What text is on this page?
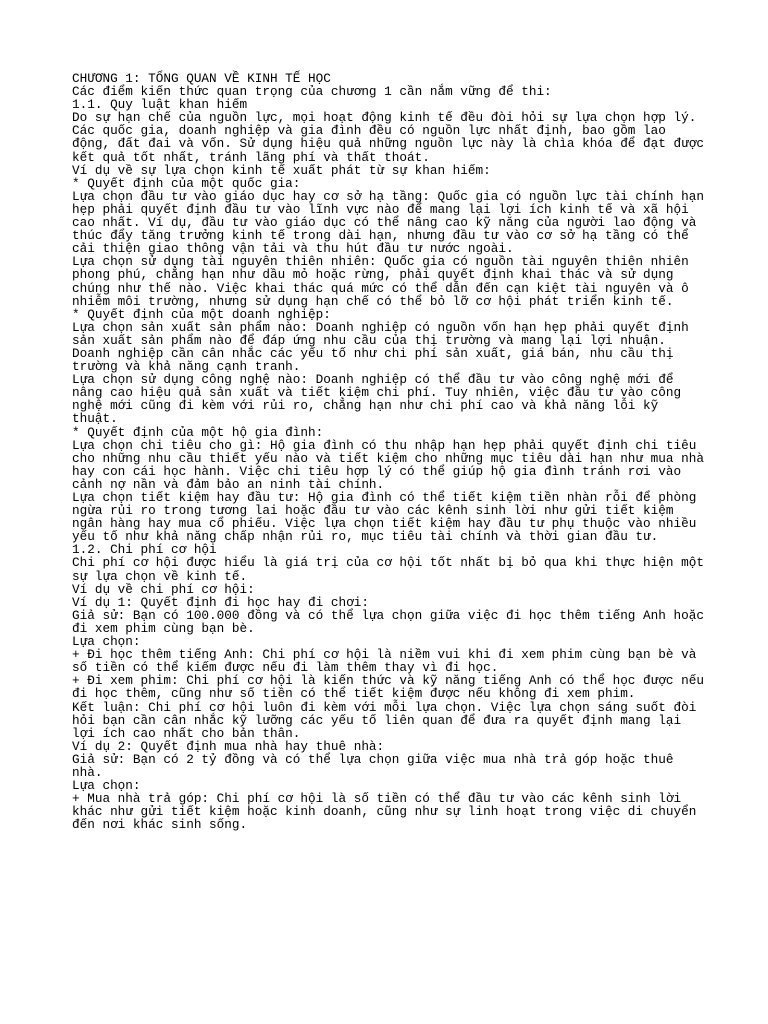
CHƯƠNG 1: TỔNG QUAN VỀ KINH TẾ HỌC
Các điểm kiến thức quan trọng của chương 1 cần nắm vững để thi:
1.1. Quy luật khan hiếm
Do sự hạn chế của nguồn lực, mọi hoạt động kinh tế đều đòi hỏi sự lựa chọn hợp lý.
Các quốc gia, doanh nghiệp và gia đình đều có nguồn lực nhất định, bao gồm lao
động, đất đai và vốn. Sử dụng hiệu quả những nguồn lực này là chìa khóa để đạt được
kết quả tốt nhất, tránh lãng phí và thất thoát.
Ví dụ về sự lựa chọn kinh tế xuất phát từ sự khan hiếm:
* Quyết định của một quốc gia:
Lựa chọn đầu tư vào giáo dục hay cơ sở hạ tầng: Quốc gia có nguồn lực tài chính hạn
hẹp phải quyết định đầu tư vào lĩnh vực nào để mang lại lợi ích kinh tế và xã hội
cao nhất. Ví dụ, đầu tư vào giáo dục có thể nâng cao kỹ năng của người lao động và
thúc đẩy tăng trưởng kinh tế trong dài hạn, nhưng đầu tư vào cơ sở hạ tầng có thể
cải thiện giao thông vận tải và thu hút đầu tư nước ngoài.
Lựa chọn sử dụng tài nguyên thiên nhiên: Quốc gia có nguồn tài nguyên thiên nhiên
phong phú, chẳng hạn như dầu mỏ hoặc rừng, phải quyết định khai thác và sử dụng
chúng như thế nào. Việc khai thác quá mức có thể dẫn đến cạn kiệt tài nguyên và ô
nhiễm môi trường, nhưng sử dụng hạn chế có thể bỏ lỡ cơ hội phát triển kinh tế.
* Quyết định của một doanh nghiệp:
Lựa chọn sản xuất sản phẩm nào: Doanh nghiệp có nguồn vốn hạn hẹp phải quyết định
sản xuất sản phẩm nào để đáp ứng nhu cầu của thị trường và mang lại lợi nhuận.
Doanh nghiệp cần cân nhắc các yếu tố như chi phí sản xuất, giá bán, nhu cầu thị
trường và khả năng cạnh tranh.
Lựa chọn sử dụng công nghệ nào: Doanh nghiệp có thể đầu tư vào công nghệ mới để
nâng cao hiệu quả sản xuất và tiết kiệm chi phí. Tuy nhiên, việc đầu tư vào công
nghệ mới cũng đi kèm với rủi ro, chẳng hạn như chi phí cao và khả năng lỗi kỹ
thuật.
* Quyết định của một hộ gia đình:
Lựa chọn chi tiêu cho gì: Hộ gia đình có thu nhập hạn hẹp phải quyết định chi tiêu
cho những nhu cầu thiết yếu nào và tiết kiệm cho những mục tiêu dài hạn như mua nhà
hay con cái học hành. Việc chi tiêu hợp lý có thể giúp hộ gia đình tránh rơi vào
cảnh nợ nần và đảm bảo an ninh tài chính.
Lựa chọn tiết kiệm hay đầu tư: Hộ gia đình có thể tiết kiệm tiền nhàn rỗi để phòng
ngừa rủi ro trong tương lai hoặc đầu tư vào các kênh sinh lời như gửi tiết kiệm
ngân hàng hay mua cổ phiếu. Việc lựa chọn tiết kiệm hay đầu tư phụ thuộc vào nhiều
yếu tố như khả năng chấp nhận rủi ro, mục tiêu tài chính và thời gian đầu tư.
1.2. Chi phí cơ hội
Chi phí cơ hội được hiểu là giá trị của cơ hội tốt nhất bị bỏ qua khi thực hiện một
sự lựa chọn về kinh tế.
Ví dụ về chi phí cơ hội:
Ví dụ 1: Quyết định đi học hay đi chơi:
Giả sử: Bạn có 100.000 đồng và có thể lựa chọn giữa việc đi học thêm tiếng Anh hoặc
đi xem phim cùng bạn bè.
Lựa chọn:
+ Đi học thêm tiếng Anh: Chi phí cơ hội là niềm vui khi đi xem phim cùng bạn bè và
số tiền có thể kiếm được nếu đi làm thêm thay vì đi học.
+ Đi xem phim: Chi phí cơ hội là kiến thức và kỹ năng tiếng Anh có thể học được nếu
đi học thêm, cũng như số tiền có thể tiết kiệm được nếu không đi xem phim.
Kết luận: Chi phí cơ hội luôn đi kèm với mỗi lựa chọn. Việc lựa chọn sáng suốt đòi
hỏi bạn cần cân nhắc kỹ lưỡng các yếu tố liên quan để đưa ra quyết định mang lại
lợi ích cao nhất cho bản thân.
Ví dụ 2: Quyết định mua nhà hay thuê nhà:
Giả sử: Bạn có 2 tỷ đồng và có thể lựa chọn giữa việc mua nhà trả góp hoặc thuê
nhà.
Lựa chọn:
+ Mua nhà trả góp: Chi phí cơ hội là số tiền có thể đầu tư vào các kênh sinh lời
khác như gửi tiết kiệm hoặc kinh doanh, cũng như sự linh hoạt trong việc di chuyển
đến nơi khác sinh sống.
